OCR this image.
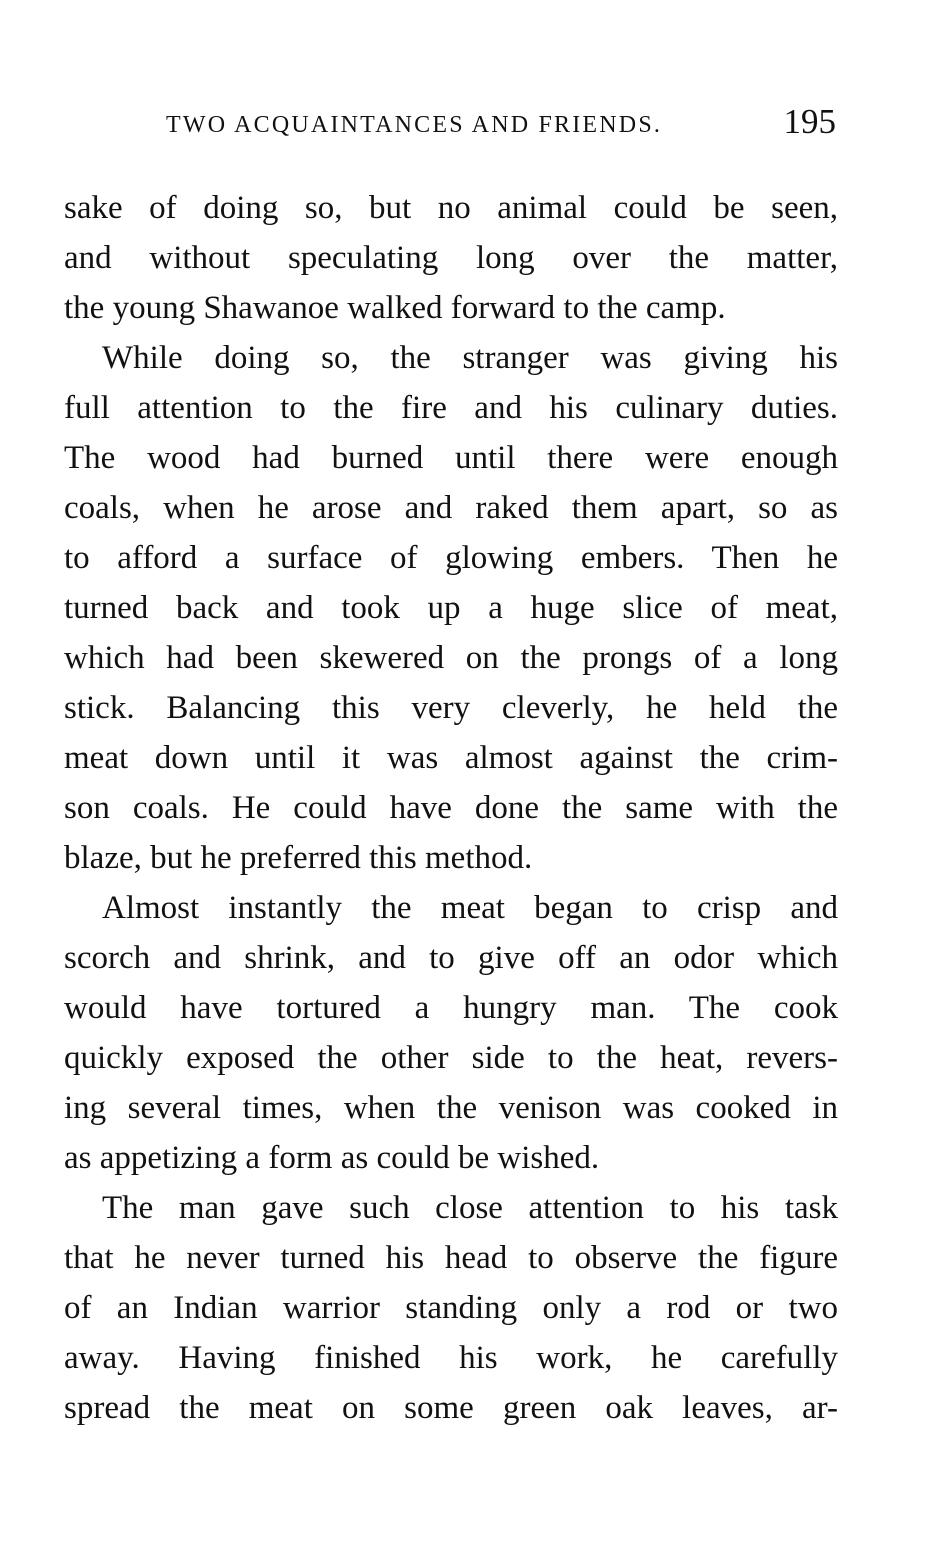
TWO ACQUAINTANCES AND FRIENDS.	195
sake of doing so, but no animal could be seen,
and without speculating long over the matter,
the young Shawanoe walked forward to the camp.
While doing so, the stranger was giving his
full attention to the fire and his culinary duties.
The wood had burned until there were enough
coals, when he arose and raked them apart, so as
to afford a surface of glowing embers. Then he
turned back and took up a huge slice of meat,
which had been skewered on the prongs of a long
stick. Balancing this very cleverly, he held the
meat down until it was almost against the crim-
son coals. He could have done the same with the
blaze, but he preferred this method.
Almost instantly the meat began to crisp and
scorch and shrink, and to give off an odor which
would have tortured a hungry man. The cook
quickly exposed the other side to the heat, revers-
ing several times, when the venison was cooked in
as appetizing a form as could be wished.
The man gave such close attention to his task
that he never turned his head to observe the figure
of an Indian warrior standing only a rod or two
away. Having finished his work, he carefully
spread the meat on some green oak leaves, ar-
